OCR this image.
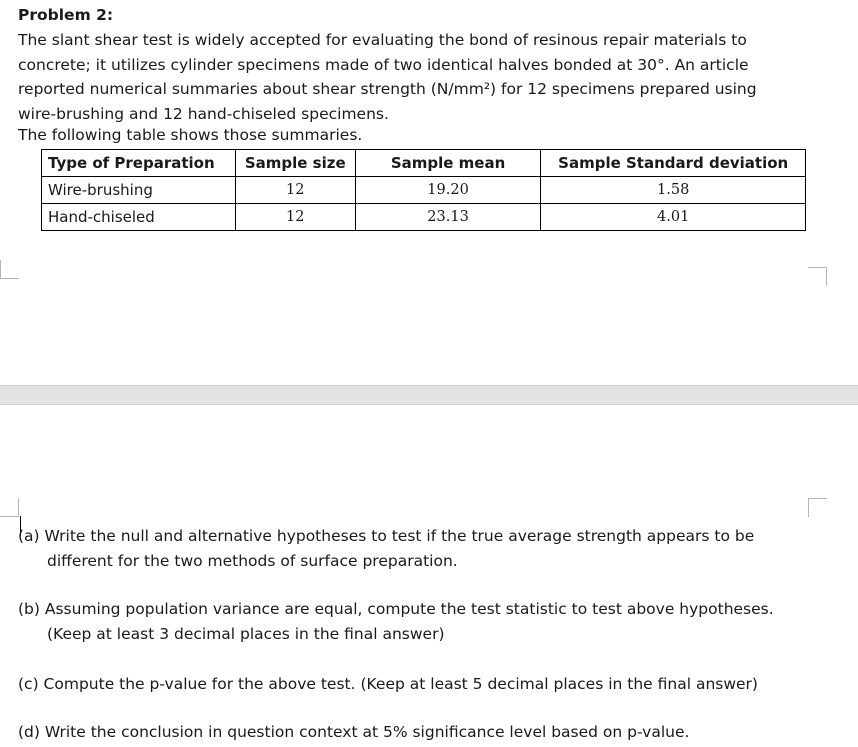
Problem 2:

The slant shear test is widely accepted for evaluating the bond of resinous repair materials to

concrete; it utilizes cylinder specimens made of two identical halves bonded at 30°. An article

reported numerical summaries about shear strength (N/mm²) for 12 specimens prepared using

wire-brushing and 12 hand-chiseled specimens.

The following table shows those summaries.
Type of Preparation	Sample size	Sample mean	Sample Standard deviation
Wire-brushing	12	19.20	1.58
Hand-chiseled	12	23.13	4.01
(a) Write the null and alternative hypotheses to test if the true average strength appears to be different for the two methods of surface preparation.
(b) Assuming population variance are equal, compute the test statistic to test above hypotheses. (Keep at least 3 decimal places in the final answer)
(c) Compute the p-value for the above test. (Keep at least 5 decimal places in the final answer)
(d) Write the conclusion in question context at 5% significance level based on p-value.
